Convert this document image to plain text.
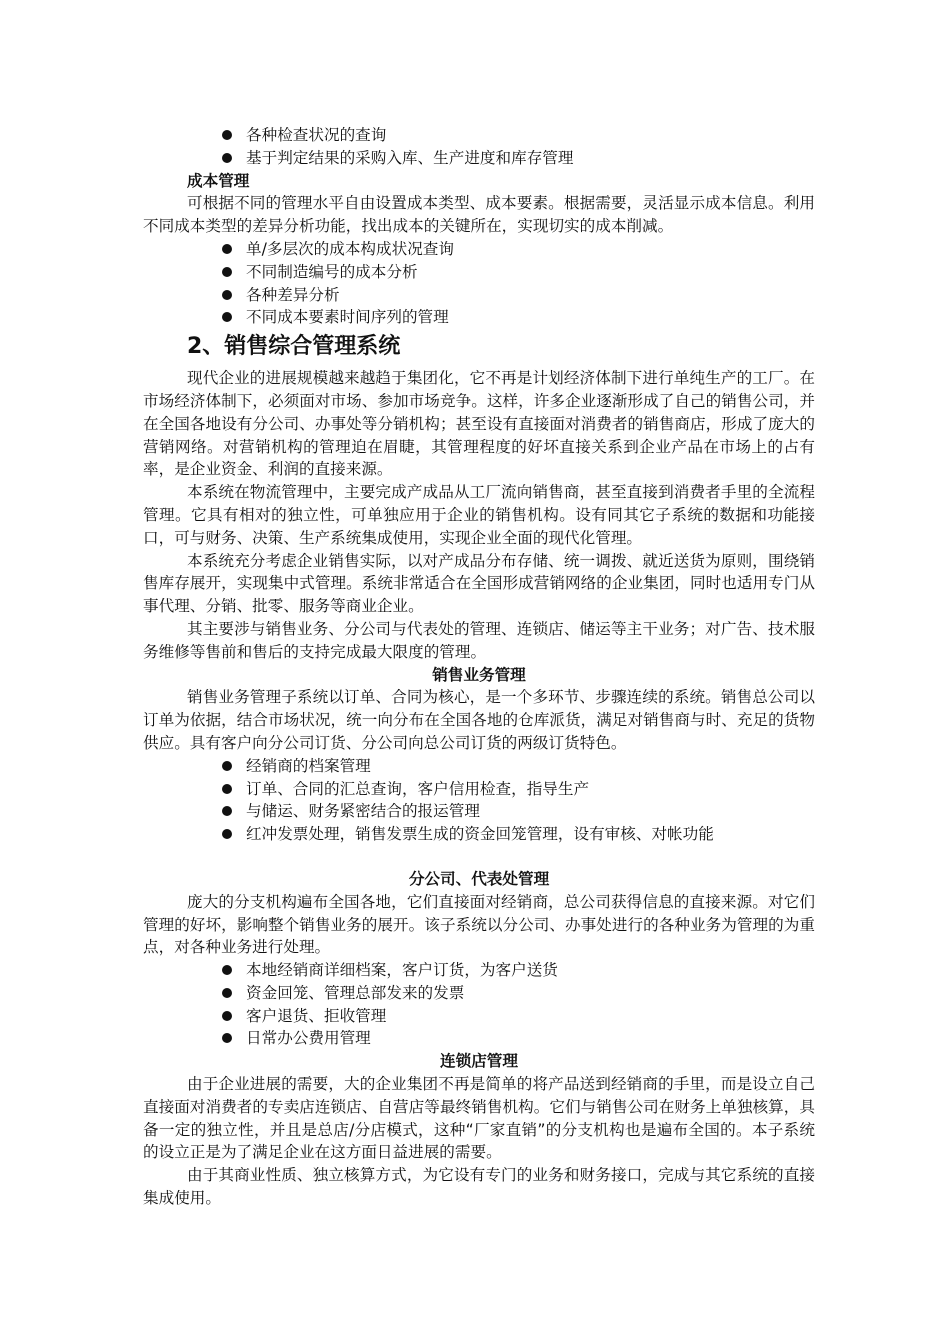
各种检查状况的查询
基于判定结果的采购入库、生产进度和库存管理

成本管理

可根据不同的管理水平自由设置成本类型、成本要素。根据需要，灵活显示成本信息。利用不同成本类型的差异分析功能，找出成本的关键所在，实现切实的成本削减。

单/多层次的成本构成状况查询
不同制造编号的成本分析
各种差异分析
不同成本要素时间序列的管理
2、销售综合管理系统

现代企业的进展规模越来越趋于集团化，它不再是计划经济体制下进行单纯生产的工厂。在市场经济体制下，必须面对市场、参加市场竞争。这样，许多企业逐渐形成了自己的销售公司，并在全国各地设有分公司、办事处等分销机构；甚至设有直接面对消费者的销售商店，形成了庞大的营销网络。对营销机构的管理迫在眉睫，其管理程度的好坏直接关系到企业产品在市场上的占有率，是企业资金、利润的直接来源。

本系统在物流管理中，主要完成产成品从工厂流向销售商，甚至直接到消费者手里的全流程管理。它具有相对的独立性，可单独应用于企业的销售机构。设有同其它子系统的数据和功能接口，可与财务、决策、生产系统集成使用，实现企业全面的现代化管理。

本系统充分考虑企业销售实际，以对产成品分布存储、统一调拨、就近送货为原则，围绕销售库存展开，实现集中式管理。系统非常适合在全国形成营销网络的企业集团，同时也适用专门从事代理、分销、批零、服务等商业企业。

其主要涉与销售业务、分公司与代表处的管理、连锁店、储运等主干业务；对广告、技术服务维修等售前和售后的支持完成最大限度的管理。

销售业务管理

销售业务管理子系统以订单、合同为核心，是一个多环节、步骤连续的系统。销售总公司以订单为依据，结合市场状况，统一向分布在全国各地的仓库派货，满足对销售商与时、充足的货物供应。具有客户向分公司订货、分公司向总公司订货的两级订货特色。

经销商的档案管理
订单、合同的汇总查询，客户信用检查，指导生产
与储运、财务紧密结合的报运管理
红冲发票处理，销售发票生成的资金回笼管理，设有审核、对帐功能

分公司、代表处管理

庞大的分支机构遍布全国各地，它们直接面对经销商，总公司获得信息的直接来源。对它们管理的好坏，影响整个销售业务的展开。该子系统以分公司、办事处进行的各种业务为管理的为重点，对各种业务进行处理。

本地经销商详细档案，客户订货，为客户送货
资金回笼、管理总部发来的发票
客户退货、拒收管理
日常办公费用管理

连锁店管理

由于企业进展的需要，大的企业集团不再是简单的将产品送到经销商的手里，而是设立自己直接面对消费者的专卖店连锁店、自营店等最终销售机构。它们与销售公司在财务上单独核算，具备一定的独立性，并且是总店/分店模式，这种“厂家直销”的分支机构也是遍布全国的。本子系统的设立正是为了满足企业在这方面日益进展的需要。

由于其商业性质、独立核算方式，为它设有专门的业务和财务接口，完成与其它系统的直接集成使用。
